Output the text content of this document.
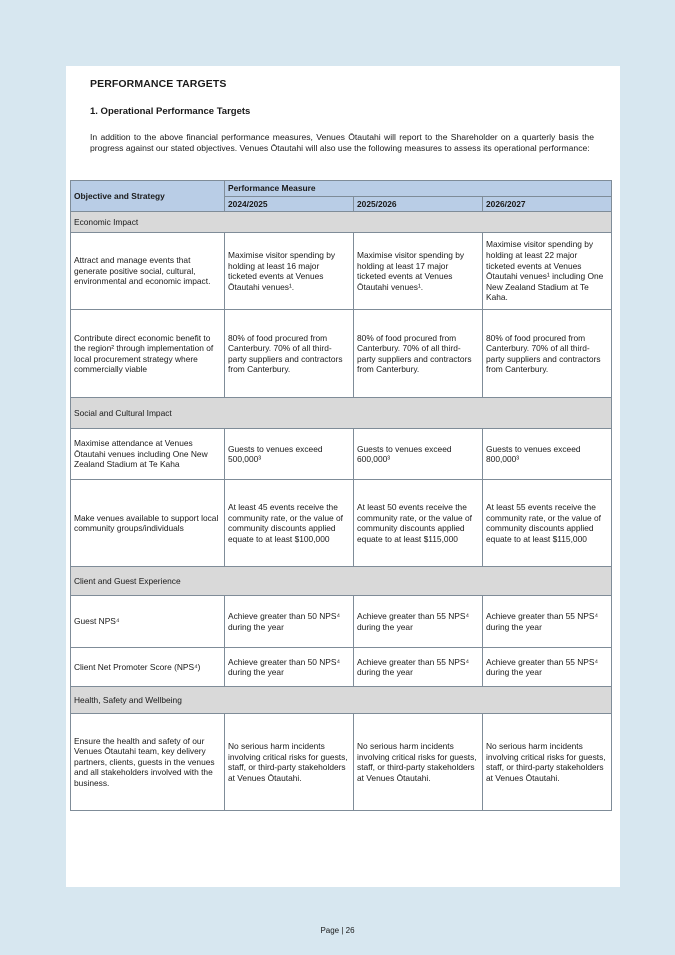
PERFORMANCE TARGETS
1. Operational Performance Targets
In addition to the above financial performance measures, Venues Ōtautahi will report to the Shareholder on a quarterly basis the progress against our stated objectives. Venues Ōtautahi will also use the following measures to assess its operational performance:
Objective and Strategy	Performance Measure		
	2024/2025	2025/2026	2026/2027
Economic Impact			
Attract and manage events that generate positive social, cultural, environmental and economic impact.	Maximise visitor spending by holding at least 16 major ticketed events at Venues Ōtautahi venues¹.	Maximise visitor spending by holding at least 17 major ticketed events at Venues Ōtautahi venues¹.	Maximise visitor spending by holding at least 22 major ticketed events at Venues Ōtautahi venues¹ including One New Zealand Stadium at Te Kaha.
Contribute direct economic benefit to the region² through implementation of local procurement strategy where commercially viable	80% of food procured from Canterbury. 70% of all third-party suppliers and contractors from Canterbury.	80% of food procured from Canterbury. 70% of all third-party suppliers and contractors from Canterbury.	80% of food procured from Canterbury. 70% of all third-party suppliers and contractors from Canterbury.
Social and Cultural Impact			
Maximise attendance at Venues Ōtautahi venues including One New Zealand Stadium at Te Kaha	Guests to venues exceed 500,000³	Guests to venues exceed 600,000³	Guests to venues exceed 800,000³
Make venues available to support local community groups/individuals	At least 45 events receive the community rate, or the value of community discounts applied equate to at least $100,000	At least 50 events receive the community rate, or the value of community discounts applied equate to at least $115,000	At least 55 events receive the community rate, or the value of community discounts applied equate to at least $115,000
Client and Guest Experience			
Guest NPS⁴	Achieve greater than 50 NPS⁴ during the year	Achieve greater than 55 NPS⁴ during the year	Achieve greater than 55 NPS⁴ during the year
Client Net Promoter Score (NPS⁴)	Achieve greater than 50 NPS⁴ during the year	Achieve greater than 55 NPS⁴ during the year	Achieve greater than 55 NPS⁴ during the year
Health, Safety and Wellbeing			
Ensure the health and safety of our Venues Ōtautahi team, key delivery partners, clients, guests in the venues and all stakeholders involved with the business.	No serious harm incidents involving critical risks for guests, staff, or third-party stakeholders at Venues Ōtautahi.	No serious harm incidents involving critical risks for guests, staff, or third-party stakeholders at Venues Ōtautahi.	No serious harm incidents involving critical risks for guests, staff, or third-party stakeholders at Venues Ōtautahi.
Page | 26
